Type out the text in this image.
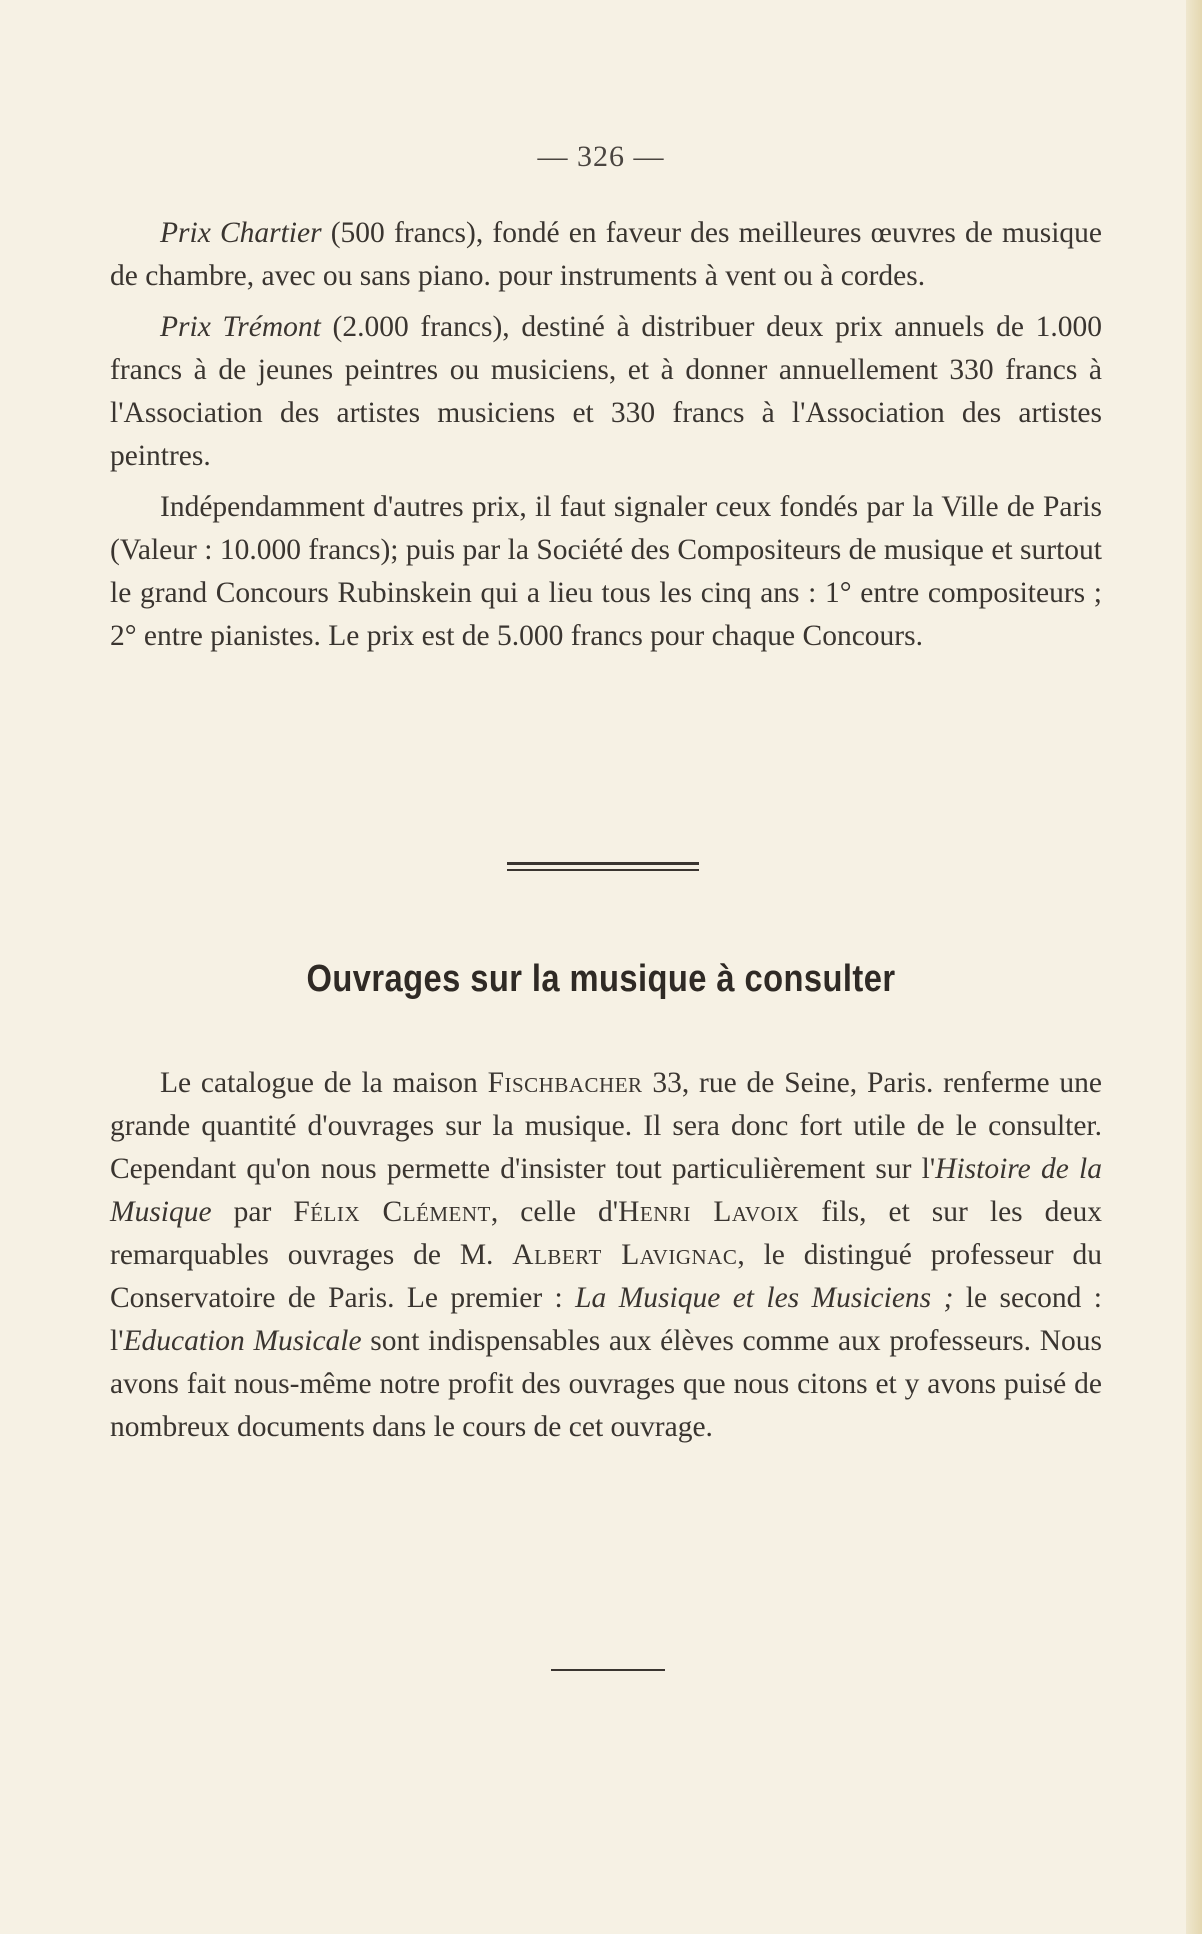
— 326 —

Prix Chartier (500 francs), fondé en faveur des meilleures œuvres de musique de chambre, avec ou sans piano. pour instruments à vent ou à cordes.

Prix Trémont (2.000 francs), destiné à distribuer deux prix annuels de 1.000 francs à de jeunes peintres ou musiciens, et à donner annuellement 330 francs à l'Association des artistes musiciens et 330 francs à l'Association des artistes peintres.

Indépendamment d'autres prix, il faut signaler ceux fondés par la Ville de Paris (Valeur : 10.000 francs); puis par la Société des Compositeurs de musique et surtout le grand Concours Rubinskein qui a lieu tous les cinq ans : 1° entre compositeurs ; 2° entre pianistes. Le prix est de 5.000 francs pour chaque Concours.

Ouvrages sur la musique à consulter

Le catalogue de la maison Fischbacher 33, rue de Seine, Paris. renferme une grande quantité d'ouvrages sur la musique. Il sera donc fort utile de le consulter. Cependant qu'on nous permette d'insister tout particulièrement sur l'Histoire de la Musique par Félix Clément, celle d'Henri Lavoix fils, et sur les deux remarquables ouvrages de M. Albert Lavignac, le distingué professeur du Conservatoire de Paris. Le premier : La Musique et les Musiciens ; le second : l'Education Musicale sont indispensables aux élèves comme aux professeurs. Nous avons fait nous-même notre profit des ouvrages que nous citons et y avons puisé de nombreux documents dans le cours de cet ouvrage.
